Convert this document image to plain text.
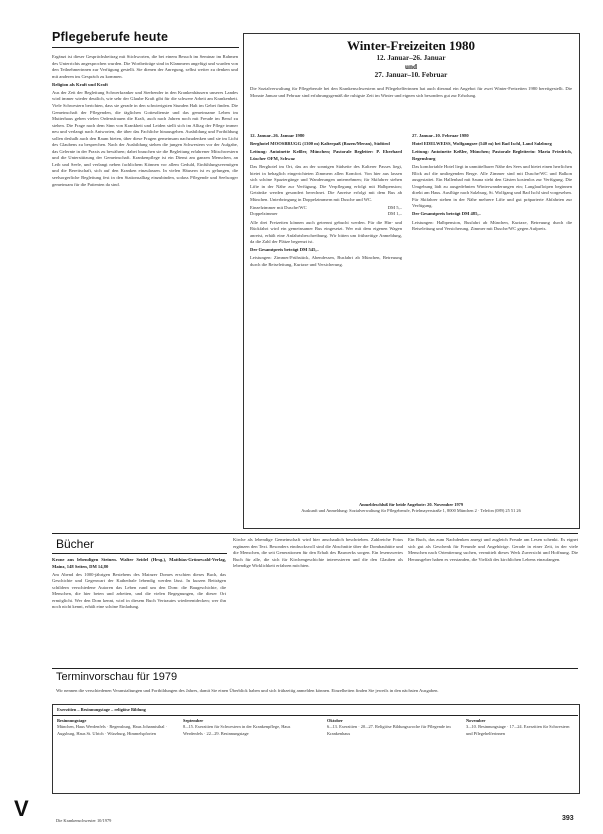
Pflegeberufe heute

Ergänzt ist dieser Gesprächsbeitrag mit Stichworten, die bei einem Besuch im Seminar im Rahmen des Unterrichts angesprochen wurden. Die Wortbeiträge sind in Klammern angefügt und wurden von den Teilnehmerinnen zur Verfügung gestellt. Sie dienen der Anregung, selbst weiter zu denken und mit anderen ins Gespräch zu kommen.

Religion als Kraft und Kraft

Aus der Zeit der Begleitung Schwerkranker und Sterbender in den Krankenhäusern unseres Landes wird immer wieder deutlich, wie sehr der Glaube Kraft gibt für die schwere Arbeit am Krankenbett. Viele Schwestern berichten, dass sie gerade in den schwierigsten Stunden Halt im Gebet finden. Die Gemeinschaft der Pflegenden, die täglichen Gottesdienste und das gemeinsame Leben im Mutterhaus geben vielen Ordensfrauen die Kraft, auch nach Jahren noch mit Freude im Beruf zu stehen. Die Frage nach dem Sinn von Krankheit und Leiden stellt sich im Alltag der Pflege immer neu und verlangt nach Antworten, die über das Fachliche hinausgehen. Ausbildung und Fortbildung sollen deshalb auch den Raum bieten, über diese Fragen gemeinsam nachzudenken und sie im Licht des Glaubens zu besprechen. Nach der Ausbildung stehen die jungen Schwestern vor der Aufgabe, das Gelernte in der Praxis zu bewähren; dabei brauchen sie die Begleitung erfahrener Mitschwestern und die Unterstützung der Gemeinschaft. Krankenpflege ist ein Dienst am ganzen Menschen, an Leib und Seele, und verlangt neben fachlichem Können vor allem Geduld, Einfühlungsvermögen und die Bereitschaft, sich auf den Kranken einzulassen. In vielen Häusern ist es gelungen, die seelsorgerliche Begleitung fest in den Stationsalltag einzubinden, sodass Pflegende und Seelsorger gemeinsam für die Patienten da sind.

Winter-Freizeiten 1980
12. Januar–26. Januar
und
27. Januar–10. Februar
Die Sozialverwaltung für Pflegeberufe bei den Krankenschwestern und Pflegehelferinnen hat auch diesmal ein Angebot für zwei Winter-Freizeiten 1980 bereitgestellt. Die Monate Januar und Februar sind erfahrungsgemäß die ruhigste Zeit im Winter und eignen sich besonders gut zur Erholung.

12. Januar–26. Januar 1980

Berghotel MOOSBRUGG (1300 m) Kalterpaß (Bozen/Meran), Südtirol

Leitung: Antoinette Keßler, München; Pastorale Begleiter: P. Eberhard Lüscher OFM, Schwaz

Das Berghotel im Ort, das an der sonnigen Südseite des Kalterer Passes liegt, bietet in behaglich eingerichteten Zimmern allen Komfort. Von hier aus lassen sich schöne Spaziergänge und Wanderungen unternehmen; für Skifahrer stehen Lifte in der Nähe zur Verfügung. Die Verpflegung erfolgt mit Halbpension; Getränke werden gesondert berechnet. Die Anreise erfolgt mit dem Bus ab München. Unterbringung in Doppelzimmern mit Dusche und WC.

Einzelzimmer mit Dusche/WC	DM 5,–
Doppelzimmer	DM 1,–

Alle drei Freizeiten können auch getrennt gebucht werden. Für die Hin- und Rückfahrt wird ein gemeinsamer Bus eingesetzt. Wer mit dem eigenen Wagen anreist, erhält eine Anfahrtsbeschreibung. Wir bitten um frühzeitige Anmeldung, da die Zahl der Plätze begrenzt ist.

Der Gesamtpreis beträgt DM 545,–

Leistungen: Zimmer/Frühstück, Abendessen, Busfahrt ab München, Betreuung durch die Reiseleitung, Kurtaxe und Versicherung.

27. Januar–10. Februar 1980

Hotel EDELWEISS, Wolfgangsee (540 m) bei Bad Ischl, Land Salzburg

Leitung: Antoinette Keßler, München; Pastorale Begleiterin: Maria Friedrich, Regensburg

Das komfortable Hotel liegt in unmittelbarer Nähe des Sees und bietet einen herrlichen Blick auf die umliegenden Berge. Alle Zimmer sind mit Dusche/WC und Balkon ausgestattet. Ein Hallenbad mit Sauna steht den Gästen kostenlos zur Verfügung. Die Umgebung lädt zu ausgedehnten Winterwanderungen ein; Langlaufloipen beginnen direkt am Haus. Ausflüge nach Salzburg, St. Wolfgang und Bad Ischl sind vorgesehen. Für Skifahrer stehen in der Nähe mehrere Lifte und gut präparierte Abfahrten zur Verfügung.

Der Gesamtpreis beträgt DM 485,–

Leistungen: Halbpension, Busfahrt ab München, Kurtaxe, Betreuung durch die Reiseleitung und Versicherung. Zimmer mit Dusche/WC gegen Aufpreis.

Anmeldeschluß für beide Angebote: 20. November 1979
Auskunft und Anmeldung: Sozialverwaltung für Pflegeberufe, Prielmayerstraße 1, 8000 München 2 · Telefon (089) 25 51 26
Bücher

Krone aus lebendigen Steinen. Walter Seidel (Hrsg.), Matthias-Grünewald-Verlag, Mainz, 148 Seiten, DM 14,80

Am Abend des 1000-jährigen Bestehens des Mainzer Domes erschien dieses Buch, das Geschichte und Gegenwart der Kathedrale lebendig werden lässt. In kurzen Beiträgen schildern verschiedene Autoren das Leben rund um den Dom: die Baugeschichte, die Menschen, die hier beten und arbeiten, und die vielen Begegnungen, die dieser Ort ermöglicht. Wer den Dom kennt, wird in diesem Buch Vertrautes wiederentdecken; wer ihn noch nicht kennt, erhält eine schöne Einladung.

Kirche als lebendige Gemeinschaft wird hier anschaulich beschrieben. Zahlreiche Fotos ergänzen den Text. Besonders eindrucksvoll sind die Abschnitte über die Dombauhütte und die Menschen, die seit Generationen für den Erhalt des Bauwerks sorgen. Ein lesenswertes Buch für alle, die sich für Kirchengeschichte interessieren und die den Glauben als lebendige Wirklichkeit erfahren möchten.
Ein Buch, das zum Nachdenken anregt und zugleich Freude am Lesen schenkt. Es eignet sich gut als Geschenk für Freunde und Angehörige. Gerade in einer Zeit, in der viele Menschen nach Orientierung suchen, vermittelt dieses Werk Zuversicht und Hoffnung. Die Herausgeber haben es verstanden, die Vielfalt des kirchlichen Lebens einzufangen.
Terminvorschau für 1979
Wir nennen die verschiedenen Veranstaltungen und Fortbildungen des Jahres, damit Sie einen Überblick haben und sich frühzeitig anmelden können. Einzelheiten finden Sie jeweils in den nächsten Ausgaben.
Exerzitien – Besinnungstage – religiöse Bildung
Besinnungstage
München, Haus Werdenfels · Regensburg, Haus Johannisthal · Augsburg, Haus St. Ulrich · Würzburg, Himmelspforten
September
8.–15. Exerzitien für Schwestern in der Krankenpflege, Haus Werdenfels · 22.–29. Besinnungstage
Oktober
6.–13. Exerzitien · 20.–27. Religiöse Bildungswoche für Pflegende im Krankenhaus
November
3.–10. Besinnungstage · 17.–24. Exerzitien für Schwestern und Pflegehelferinnen
V	Die Krankenschwester 10/1979	393
